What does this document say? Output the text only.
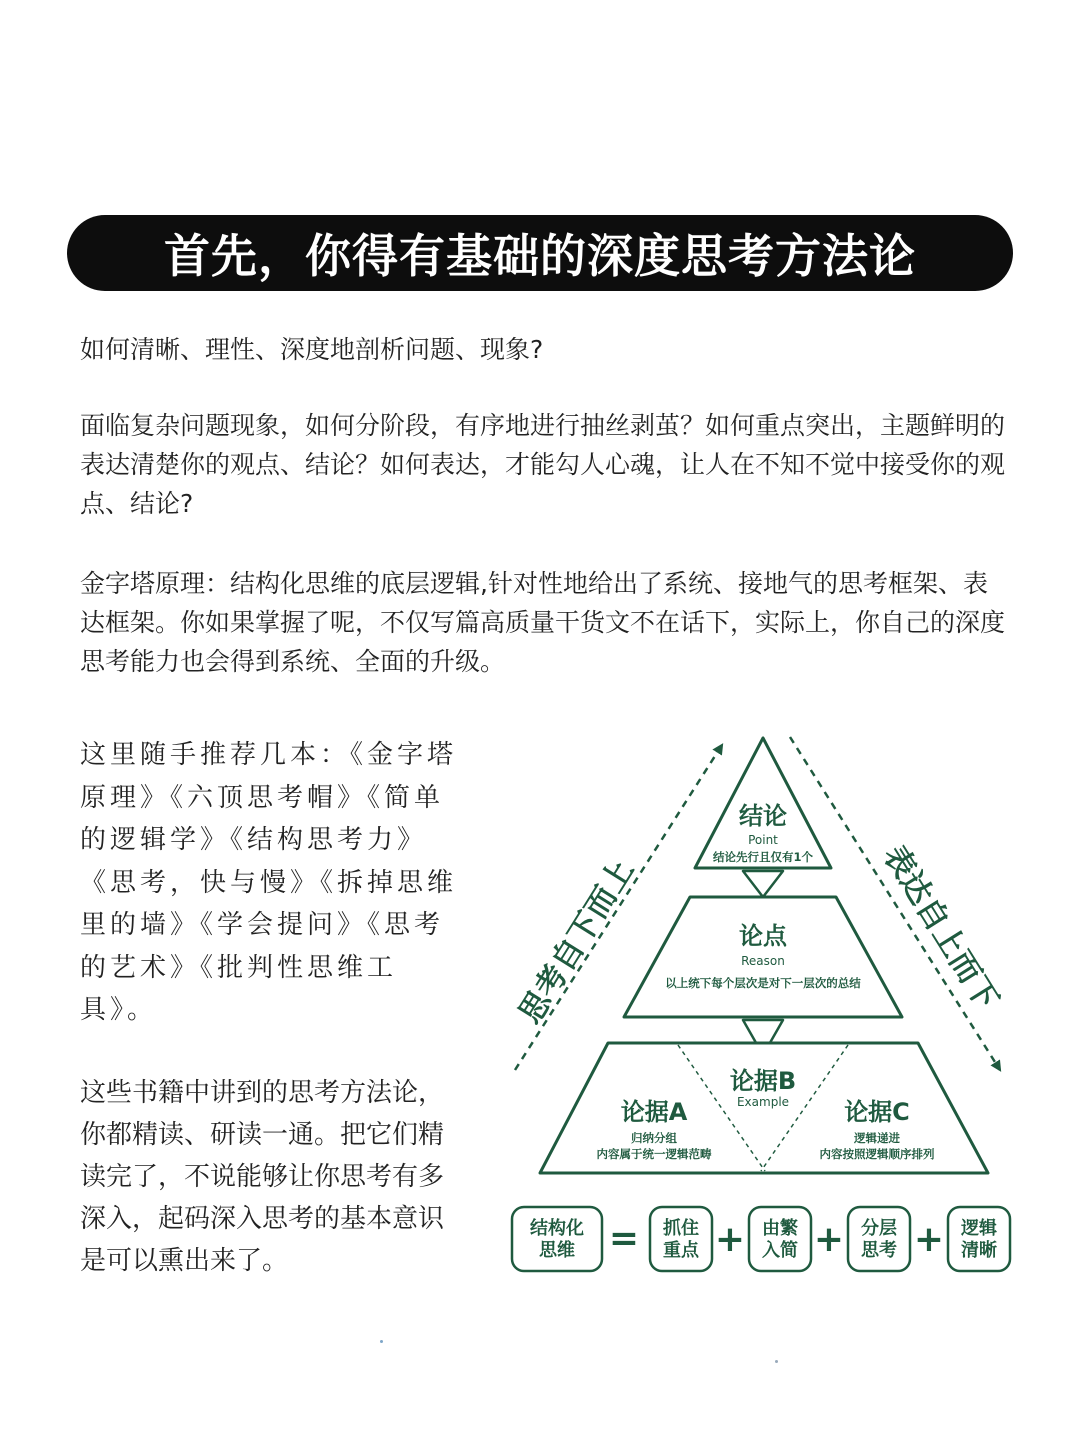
首先，你得有基础的深度思考方法论

如何清晰、理性、深度地剖析问题、现象?

面临复杂问题现象，如何分阶段，有序地进行抽丝剥茧？如何重点突出，主题鲜明的表达清楚你的观点、结论？如何表达，才能勾人心魂，让人在不知不觉中接受你的观点、结论?

金字塔原理：结构化思维的底层逻辑,针对性地给出了系统、接地气的思考框架、表达框架。你如果掌握了呢，不仅写篇高质量干货文不在话下，实际上，你自己的深度思考能力也会得到系统、全面的升级。

这里随手推荐几本：《金字塔原理》《六顶思考帽》《简单的逻辑学》《结构思考力》《思考，快与慢》《拆掉思维里的墙》《学会提问》《思考的艺术》《批判性思维工具》。

这些书籍中讲到的思考方法论，你都精读、研读一通。把它们精读完了，不说能够让你思考有多深入，起码深入思考的基本意识是可以熏出来了。

思考自下而上	表达自上而下
结论
Point
结论先行且仅有1个
论点
Reason
以上统下每个层次是对下一层次的总结
论据B
Example
论据A
归纳分组
内容属于统一逻辑范畴
论据C
逻辑递进
内容按照逻辑顺序排列
结构化
思维 = 抓住
重点 + 由繁
入简 + 分层
思考 + 逻辑
清晰
